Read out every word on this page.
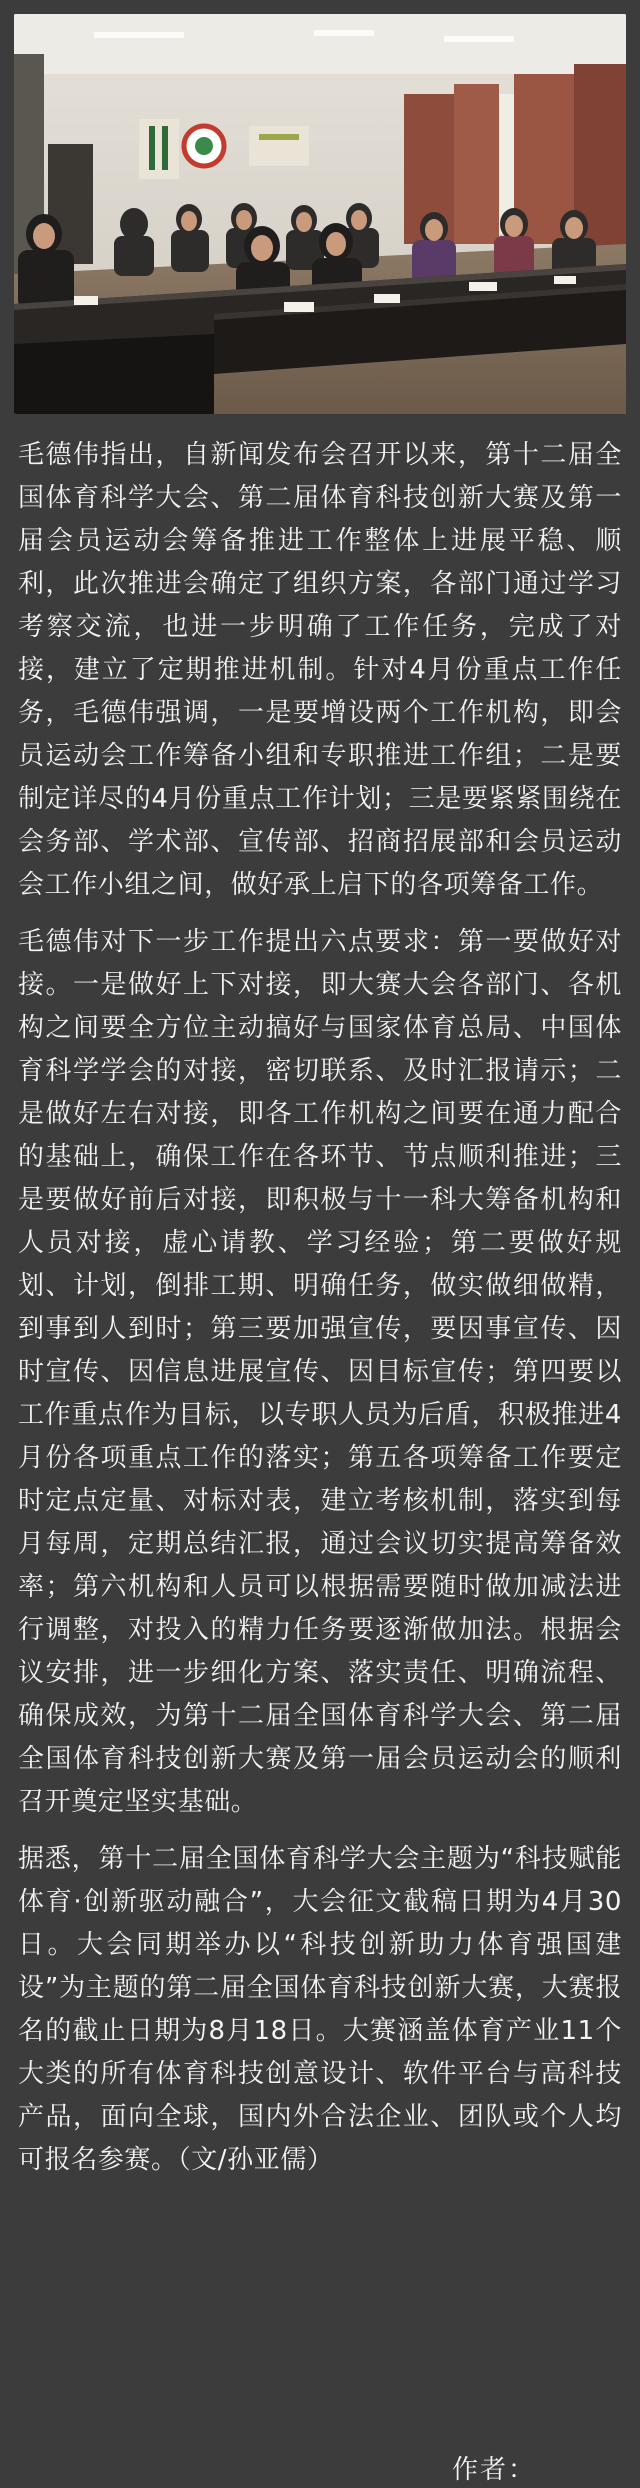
毛德伟指出，自新闻发布会召开以来，第十二届全国体育科学大会、第二届体育科技创新大赛及第一届会员运动会筹备推进工作整体上进展平稳、顺利，此次推进会确定了组织方案，各部门通过学习考察交流，也进一步明确了工作任务，完成了对接，建立了定期推进机制。针对4月份重点工作任务，毛德伟强调，一是要增设两个工作机构，即会员运动会工作筹备小组和专职推进工作组；二是要制定详尽的4月份重点工作计划；三是要紧紧围绕在会务部、学术部、宣传部、招商招展部和会员运动会工作小组之间，做好承上启下的各项筹备工作。

毛德伟对下一步工作提出六点要求：第一要做好对接。一是做好上下对接，即大赛大会各部门、各机构之间要全方位主动搞好与国家体育总局、中国体育科学学会的对接，密切联系、及时汇报请示；二是做好左右对接，即各工作机构之间要在通力配合的基础上，确保工作在各环节、节点顺利推进；三是要做好前后对接，即积极与十一科大筹备机构和人员对接，虚心请教、学习经验；第二要做好规划、计划，倒排工期、明确任务，做实做细做精，到事到人到时；第三要加强宣传，要因事宣传、因时宣传、因信息进展宣传、因目标宣传；第四要以工作重点作为目标，以专职人员为后盾，积极推进4月份各项重点工作的落实；第五各项筹备工作要定时定点定量、对标对表，建立考核机制，落实到每月每周，定期总结汇报，通过会议切实提高筹备效率；第六机构和人员可以根据需要随时做加减法进行调整，对投入的精力任务要逐渐做加法。根据会议安排，进一步细化方案、落实责任、明确流程、确保成效，为第十二届全国体育科学大会、第二届全国体育科技创新大赛及第一届会员运动会的顺利召开奠定坚实基础。

据悉，第十二届全国体育科学大会主题为“科技赋能体育·创新驱动融合”，大会征文截稿日期为4月30日。大会同期举办以“科技创新助力体育强国建设”为主题的第二届全国体育科技创新大赛，大赛报名的截止日期为8月18日。大赛涵盖体育产业11个大类的所有体育科技创意设计、软件平台与高科技产品，面向全球，国内外合法企业、团队或个人均可报名参赛。（文/孙亚儒）

作者：
